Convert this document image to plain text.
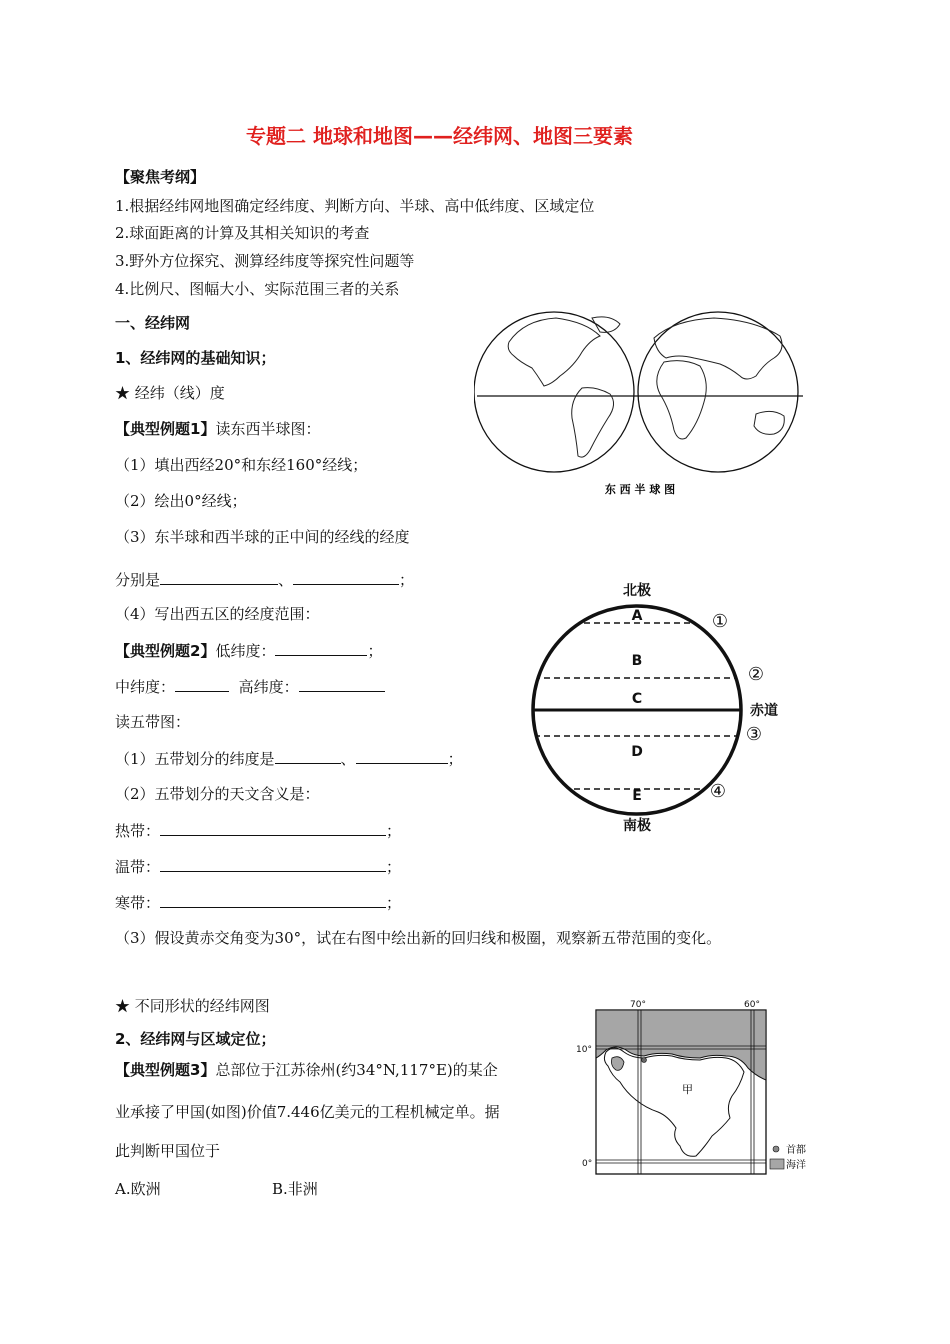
专题二 地球和地图——经纬网、地图三要素
【聚焦考纲】
1.根据经纬网地图确定经纬度、判断方向、半球、高中低纬度、区域定位
2.球面距离的计算及其相关知识的考查
3.野外方位探究、测算经纬度等探究性问题等
4.比例尺、图幅大小、实际范围三者的关系
一、经纬网
1、经纬网的基础知识；
★ 经纬（线）度
【典型例题1】读东西半球图：
（1）填出西经20°和东经160°经线；
（2）绘出0°经线；
（3）东半球和西半球的正中间的经线的经度
分别是	、	；
（4）写出西五区的经度范围：
【典型例题2】低纬度：	；
中纬度：	高纬度：
读五带图：
（1）五带划分的纬度是	、	；
（2）五带划分的天文含义是：
热带：	；
温带：	；
寒带：	；
（3）假设黄赤交角变为30°，试在右图中绘出新的回归线和极圈，观察新五带范围的变化。
★ 不同形状的经纬网图
2、经纬网与区域定位；
【典型例题3】总部位于江苏徐州(约34°N,117°E)的某企
业承接了甲国(如图)价值7.446亿美元的工程机械定单。据
此判断甲国位于
A.欧洲	B.非洲
东 西 半 球 图
北极
南极
A
B
C
D
E
赤道
①
②
③
④
70°	60°
10°
0°
甲
首都
海洋
